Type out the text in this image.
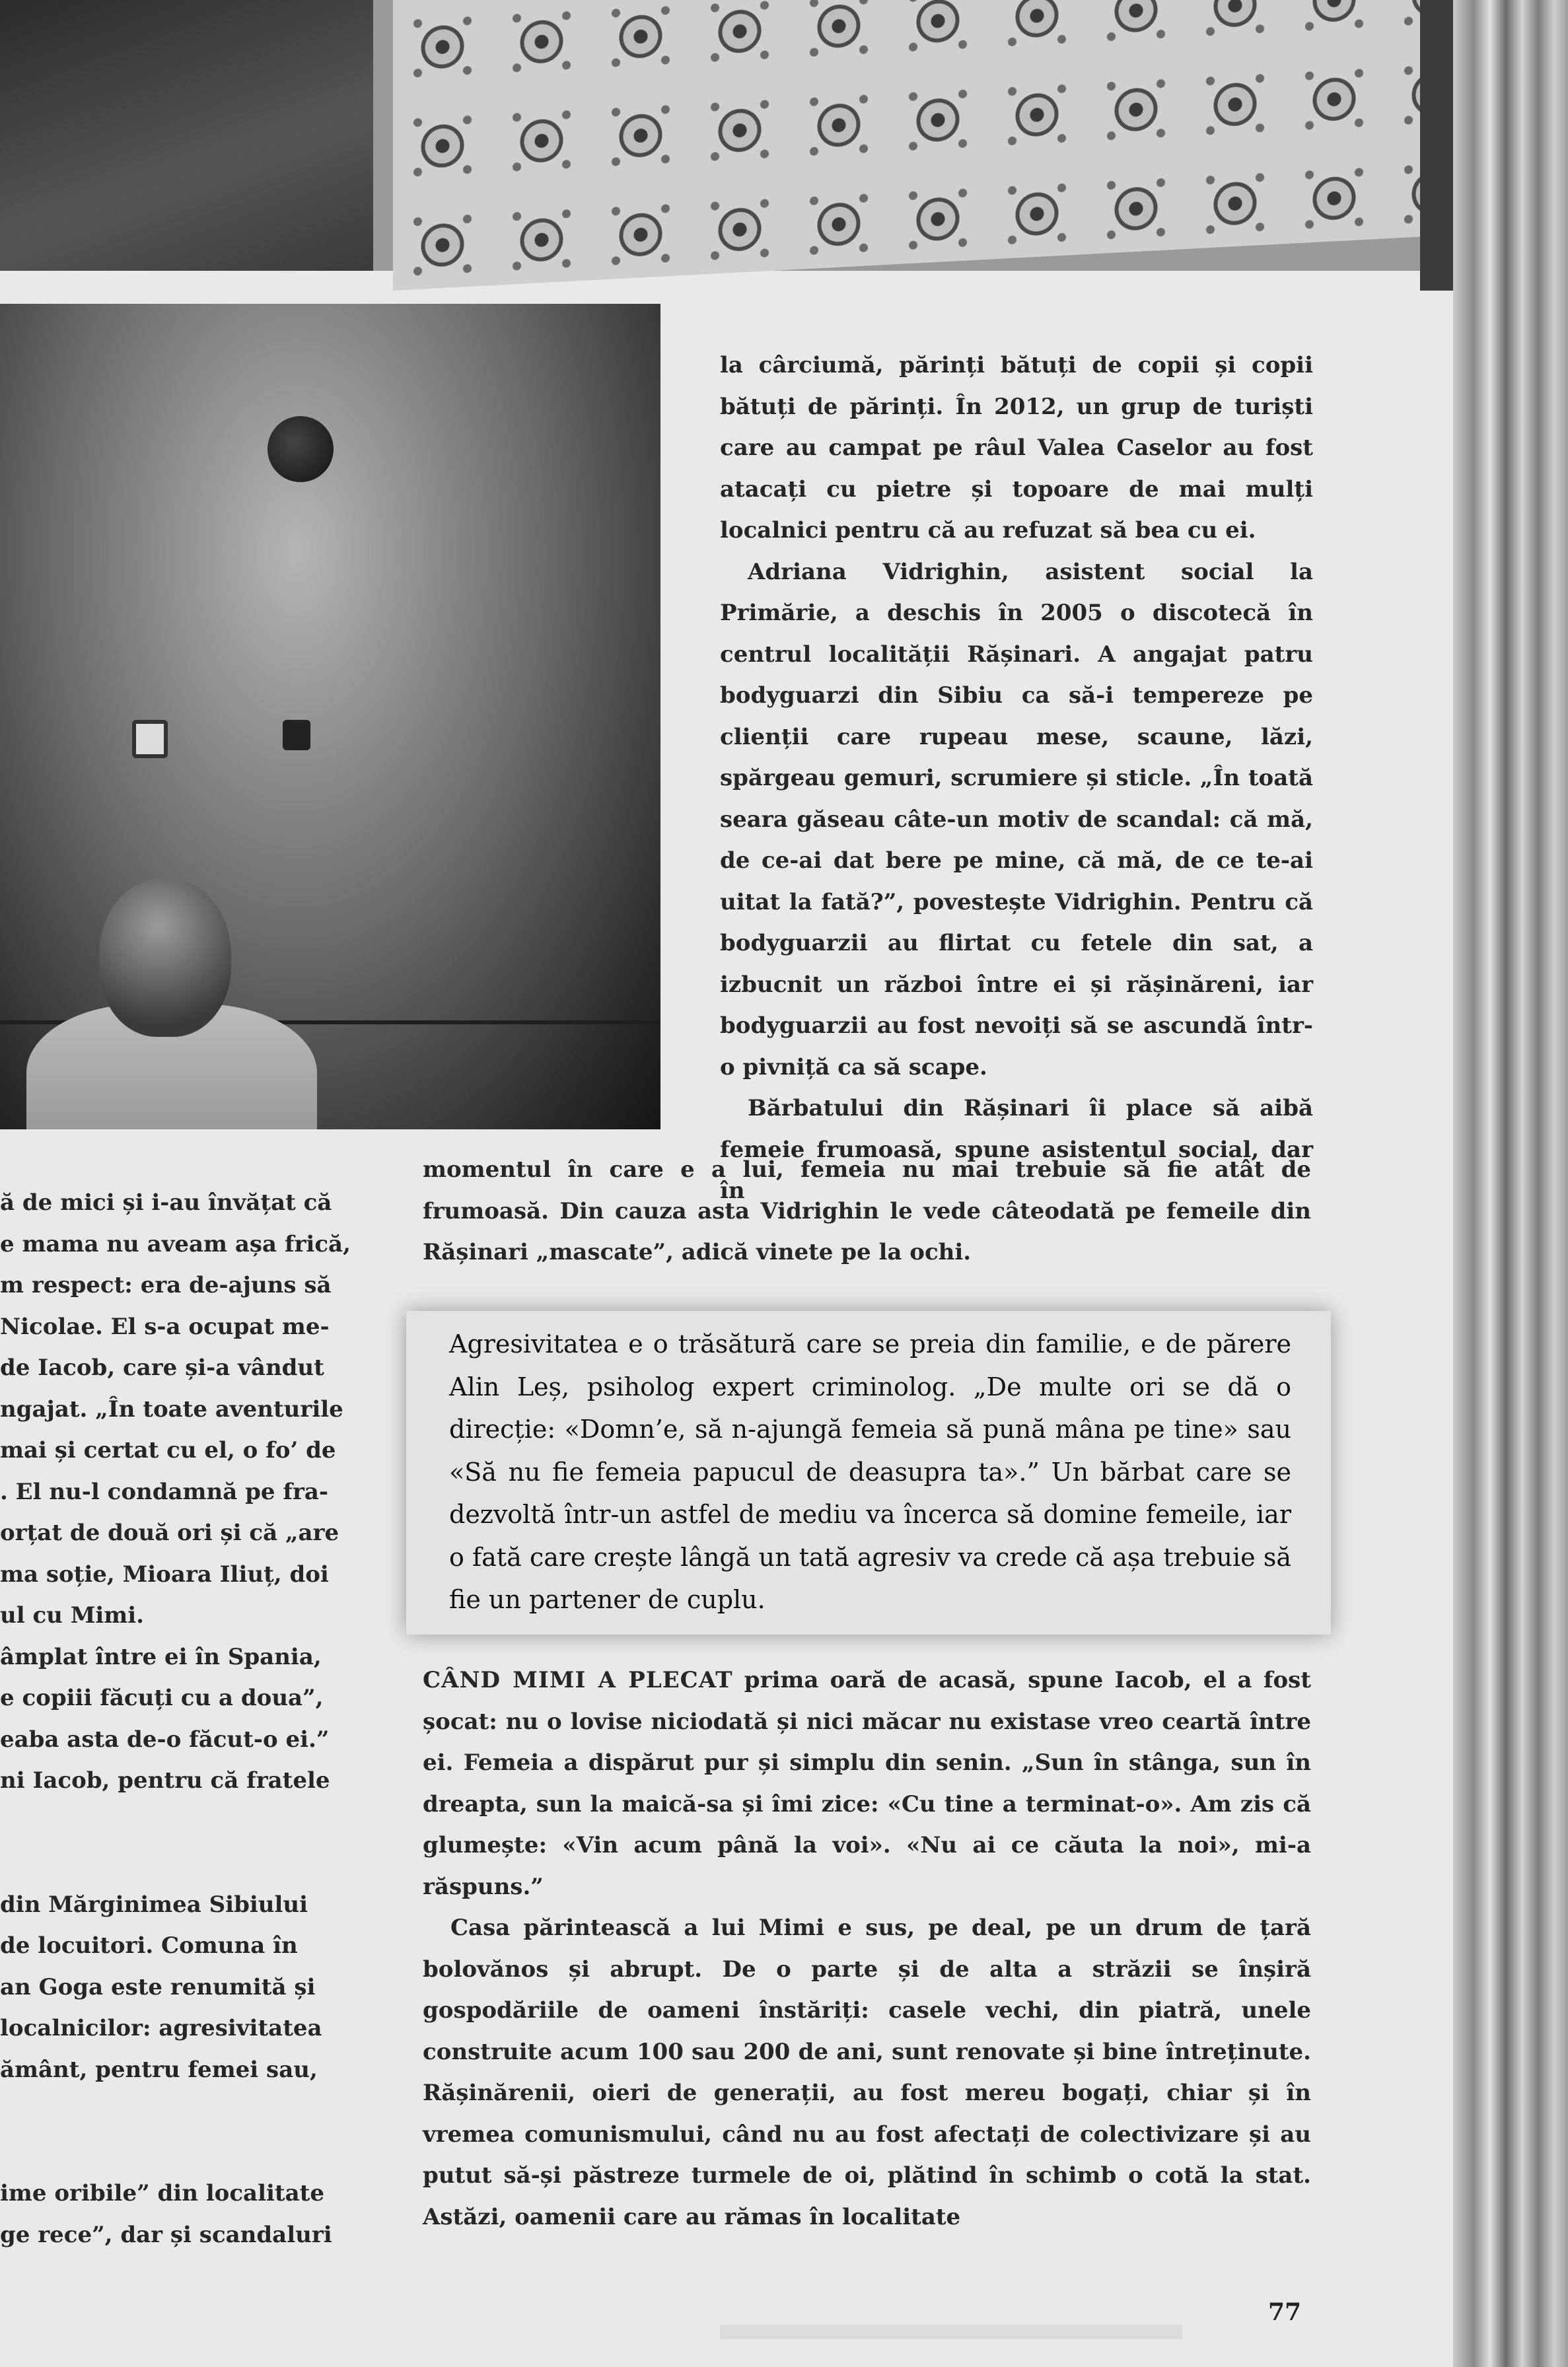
la cârciumă, părinți bătuți de copii și copii bătuți de părinți. În 2012, un grup de turiști care au campat pe râul Valea Caselor au fost atacați cu pietre și topoare de mai mulți localnici pentru că au refuzat să bea cu ei.

Adriana Vidrighin, asistent social la Primărie, a deschis în 2005 o discotecă în centrul localității Rășinari. A angajat patru bodyguarzi din Sibiu ca să-i tempereze pe clienții care rupeau mese, scaune, lăzi, spărgeau gemuri, scrumiere și sticle. „În toată seara găseau câte-un motiv de scandal: că mă, de ce-ai dat bere pe mine, că mă, de ce te-ai uitat la fată?”, povestește Vidrighin. Pentru că bodyguarzii au flirtat cu fetele din sat, a izbucnit un război între ei și rășinăreni, iar bodyguarzii au fost nevoiți să se ascundă într-o pivniță ca să scape.

Bărbatului din Rășinari îi place să aibă femeie frumoasă, spune asistentul social, dar în

momentul în care e a lui, femeia nu mai trebuie să fie atât de frumoasă. Din cauza asta Vidrighin le vede câteodată pe femeile din Rășinari „mascate”, adică vinete pe la ochi.

Agresivitatea e o trăsătură care se preia din familie, e de părere Alin Leș, psiholog expert criminolog. „De multe ori se dă o direcție: «Domn’e, să n-ajungă femeia să pună mâna pe tine» sau «Să nu fie femeia papucul de deasupra ta».” Un bărbat care se dezvoltă într-un astfel de mediu va încerca să domine femeile, iar o fată care crește lângă un tată agresiv va crede că așa trebuie să fie un partener de cuplu.

CÂND MIMI A PLECAT prima oară de acasă, spune Iacob, el a fost șocat: nu o lovise niciodată și nici măcar nu existase vreo ceartă între ei. Femeia a dispărut pur și simplu din senin. „Sun în stânga, sun în dreapta, sun la maică-sa și îmi zice: «Cu tine a terminat-o». Am zis că glumește: «Vin acum până la voi». «Nu ai ce căuta la noi», mi-a răspuns.”

Casa părintească a lui Mimi e sus, pe deal, pe un drum de țară bolovănos și abrupt. De o parte și de alta a străzii se înșiră gospodăriile de oameni înstăriți: casele vechi, din piatră, unele construite acum 100 sau 200 de ani, sunt renovate și bine întreținute. Rășinărenii, oieri de generații, au fost mereu bogați, chiar și în vremea comunismului, când nu au fost afectați de colectivizare și au putut să-și păstreze turmele de oi, plătind în schimb o cotă la stat. Astăzi, oamenii care au rămas în localitate

ă de mici și i-au învățat că
e mama nu aveam așa frică,
m respect: era de-ajuns să
Nicolae. El s-a ocupat me-
de Iacob, care și-a vândut
ngajat. „În toate aventurile
mai și certat cu el, o fo’ de
. El nu-l condamnă pe fra-
orțat de două ori și că „are
ma soție, Mioara Iliuț, doi
ul cu Mimi.
âmplat între ei în Spania,
e copiii făcuți cu a doua”,
eaba asta de-o făcut-o ei.”
ni Iacob, pentru că fratele
din Mărginimea Sibiului
de locuitori. Comuna în
an Goga este renumită și
localnicilor: agresivitatea
ământ, pentru femei sau,
ime oribile” din localitate
ge rece”, dar și scandaluri
77
